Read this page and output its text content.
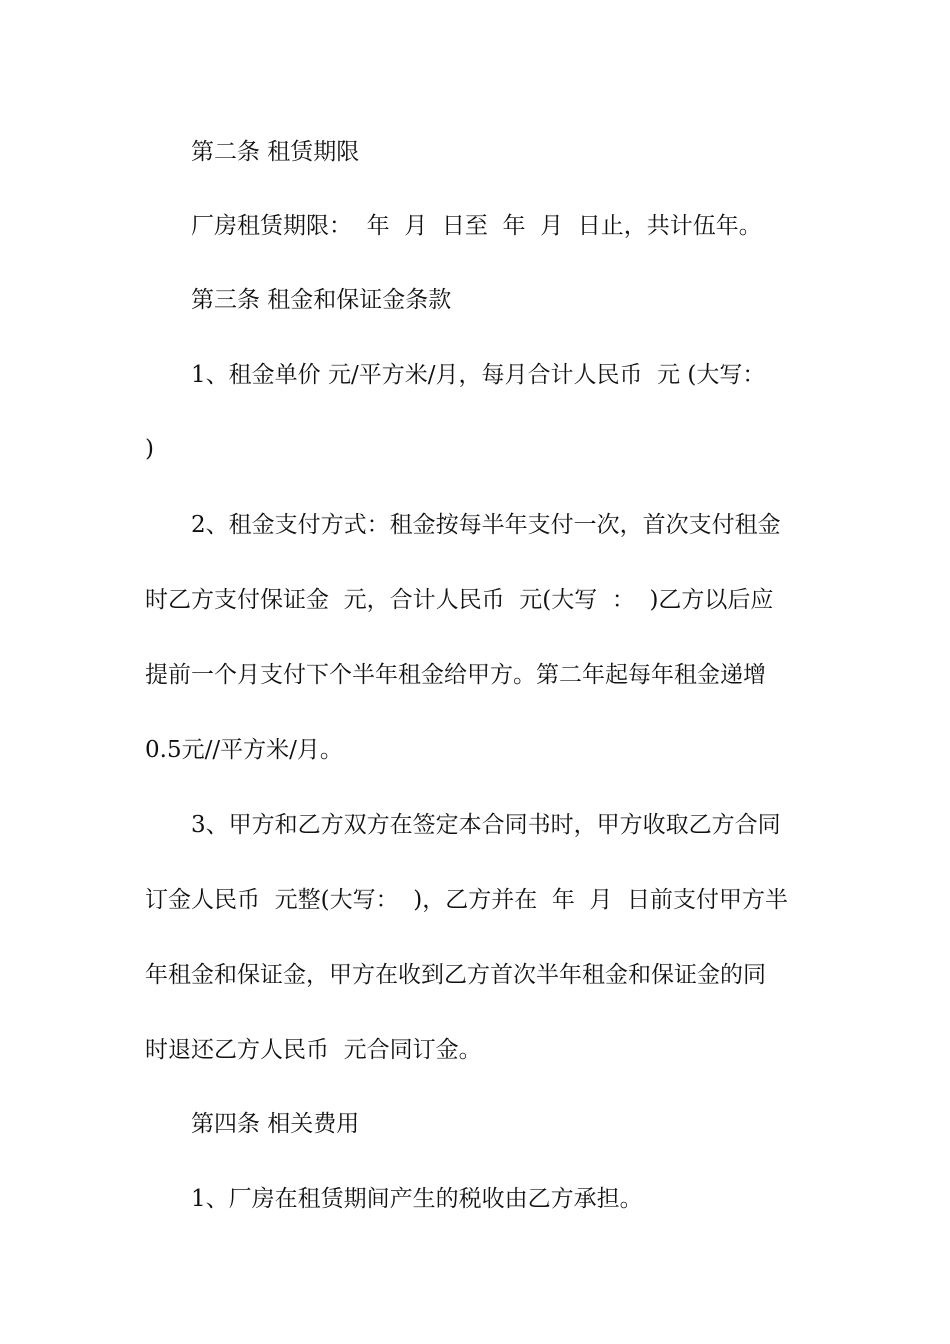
第二条 租赁期限
厂房租赁期限：  年  月  日至  年  月  日止，共计伍年。
第三条 租金和保证金条款
1、租金单价 元/平方米/月，每月合计人民币  元 (大写：
)
2、租金支付方式：租金按每半年支付一次，首次支付租金
时乙方支付保证金  元，合计人民币  元(大写  ：  )乙方以后应
提前一个月支付下个半年租金给甲方。第二年起每年租金递增
0.5元//平方米/月。
3、甲方和乙方双方在签定本合同书时，甲方收取乙方合同
订金人民币  元整(大写：  )，乙方并在  年  月  日前支付甲方半
年租金和保证金，甲方在收到乙方首次半年租金和保证金的同
时退还乙方人民币  元合同订金。
第四条 相关费用
1、厂房在租赁期间产生的税收由乙方承担。
